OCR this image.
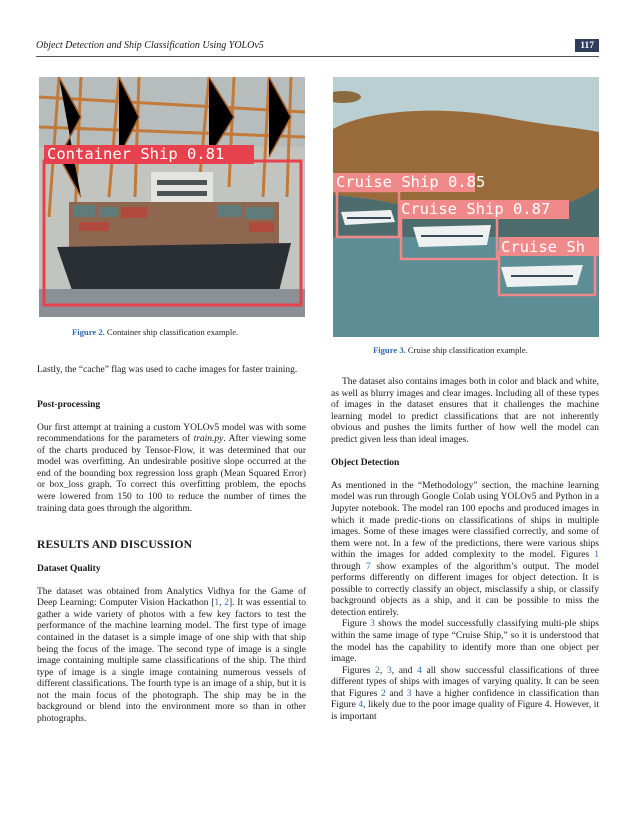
Object Detection and Ship Classification Using YOLOv5	117
Container Ship 0.81
Figure 2. Container ship classification example.
Cruise Ship 0.85
Cruise Ship 0.87
Cruise Sh
Figure 3. Cruise ship classification example.

Lastly, the “cache” flag was used to cache images for faster training.

Post-processing

Our first attempt at training a custom YOLOv5 model was with some recommendations for the parameters of train.py. After viewing some of the charts produced by Tensor-Flow, it was determined that our model was overfitting. An undesirable positive slope occurred at the end of the bounding box regression loss graph (Mean Squared Error) or box_loss graph. To correct this overfitting problem, the epochs were lowered from 150 to 100 to reduce the number of times the training data goes through the algorithm.

RESULTS AND DISCUSSION

Dataset Quality

The dataset was obtained from Analytics Vidhya for the Game of Deep Learning: Computer Vision Hackathon [1, 2]. It was essential to gather a wide variety of photos with a few key factors to test the performance of the machine learning model. The first type of image contained in the dataset is a simple image of one ship with that ship being the focus of the image. The second type of image is a single image containing multiple same classifications of the ship. The third type of image is a single image containing numerous vessels of different classifications. The fourth type is an image of a ship, but it is not the main focus of the photograph. The ship may be in the background or blend into the environment more so than in other photographs.

The dataset also contains images both in color and black and white, as well as blurry images and clear images. Including all of these types of images in the dataset ensures that it challenges the machine learning model to predict classifications that are not inherently obvious and pushes the limits further of how well the model can predict given less than ideal images.

Object Detection

As mentioned in the “Methodology” section, the machine learning model was run through Google Colab using YOLOv5 and Python in a Jupyter notebook. The model ran 100 epochs and produced images in which it made predic-tions on classifications of ships in multiple images. Some of these images were classified correctly, and some of them were not. In a few of the predictions, there were various ships within the images for added complexity to the model. Figures 1 through 7 show examples of the algorithm’s output. The model performs differently on different images for object detection. It is possible to correctly classify an object, misclassify a ship, or classify background objects as a ship, and it can be possible to miss the detection entirely.

Figure 3 shows the model successfully classifying multi-ple ships within the same image of type “Cruise Ship,” so it is understood that the model has the capability to identify more than one object per image.

Figures 2, 3, and 4 all show successful classifications of three different types of ships with images of varying quality. It can be seen that Figures 2 and 3 have a higher confidence in classification than Figure 4, likely due to the poor image quality of Figure 4. However, it is important
